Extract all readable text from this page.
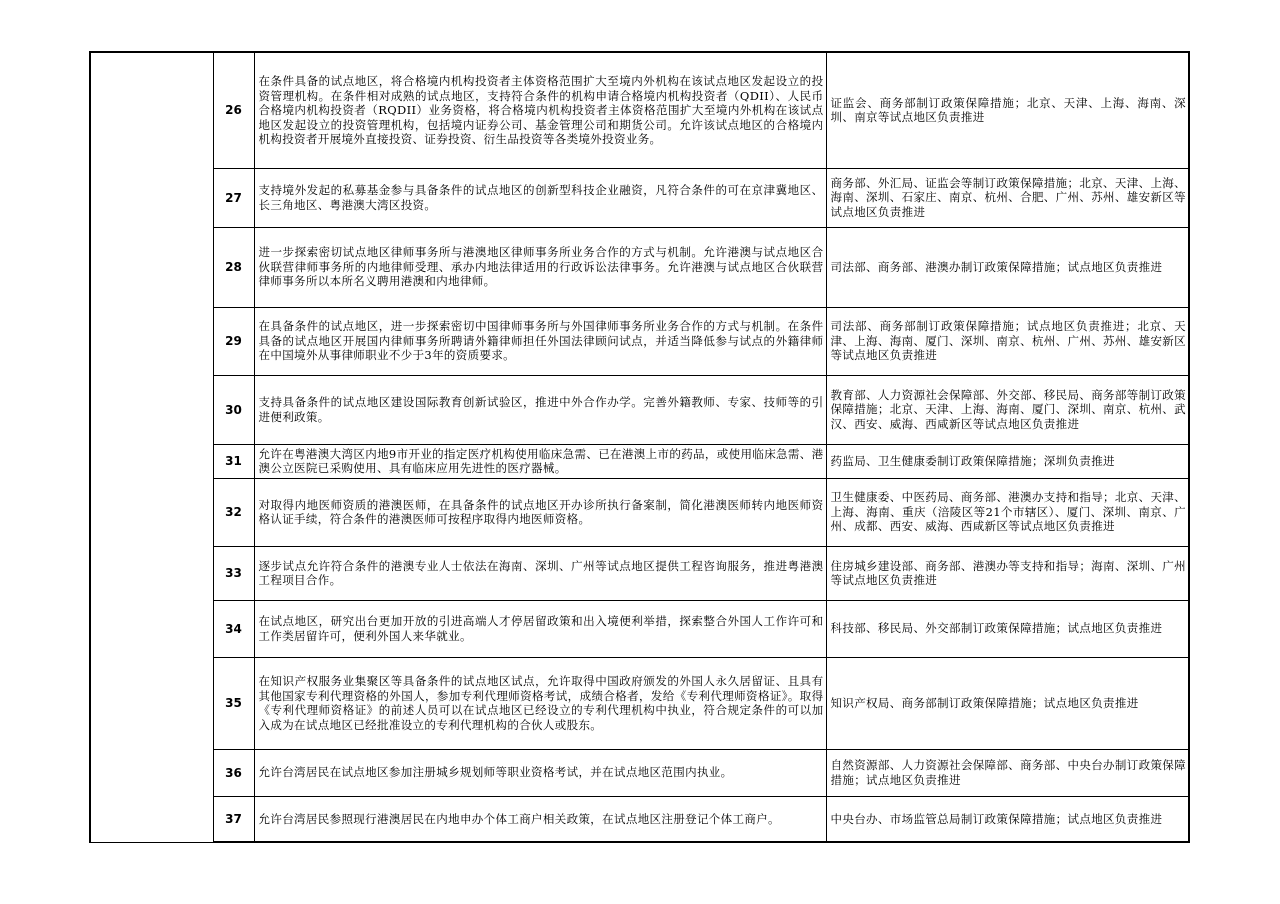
	26	在条件具备的试点地区，将合格境内机构投资者主体资格范围扩大至境内外机构在该试点地区发起设立的投资管理机构。在条件相对成熟的试点地区，支持符合条件的机构申请合格境内机构投资者（QDII）、人民币合格境内机构投资者（RQDII）业务资格，将合格境内机构投资者主体资格范围扩大至境内外机构在该试点地区发起设立的投资管理机构，包括境内证券公司、基金管理公司和期货公司。允许该试点地区的合格境内机构投资者开展境外直接投资、证券投资、衍生品投资等各类境外投资业务。	证监会、商务部制订政策保障措施；北京、天津、上海、海南、深圳、南京等试点地区负责推进
	27	支持境外发起的私募基金参与具备条件的试点地区的创新型科技企业融资，凡符合条件的可在京津冀地区、长三角地区、粤港澳大湾区投资。	商务部、外汇局、证监会等制订政策保障措施；北京、天津、上海、海南、深圳、石家庄、南京、杭州、合肥、广州、苏州、雄安新区等试点地区负责推进
	28	进一步探索密切试点地区律师事务所与港澳地区律师事务所业务合作的方式与机制。允许港澳与试点地区合伙联营律师事务所的内地律师受理、承办内地法律适用的行政诉讼法律事务。允许港澳与试点地区合伙联营律师事务所以本所名义聘用港澳和内地律师。	司法部、商务部、港澳办制订政策保障措施；试点地区负责推进
	29	在具备条件的试点地区，进一步探索密切中国律师事务所与外国律师事务所业务合作的方式与机制。在条件具备的试点地区开展国内律师事务所聘请外籍律师担任外国法律顾问试点，并适当降低参与试点的外籍律师在中国境外从事律师职业不少于3年的资质要求。	司法部、商务部制订政策保障措施；试点地区负责推进；北京、天津、上海、海南、厦门、深圳、南京、杭州、广州、苏州、雄安新区等试点地区负责推进
	30	支持具备条件的试点地区建设国际教育创新试验区，推进中外合作办学。完善外籍教师、专家、技师等的引进便利政策。	教育部、人力资源社会保障部、外交部、移民局、商务部等制订政策保障措施；北京、天津、上海、海南、厦门、深圳、南京、杭州、武汉、西安、威海、西咸新区等试点地区负责推进
	31	允许在粤港澳大湾区内地9市开业的指定医疗机构使用临床急需、已在港澳上市的药品，或使用临床急需、港澳公立医院已采购使用、具有临床应用先进性的医疗器械。	药监局、卫生健康委制订政策保障措施；深圳负责推进
	32	对取得内地医师资质的港澳医师，在具备条件的试点地区开办诊所执行备案制，简化港澳医师转内地医师资格认证手续，符合条件的港澳医师可按程序取得内地医师资格。	卫生健康委、中医药局、商务部、港澳办支持和指导；北京、天津、上海、海南、重庆（涪陵区等21个市辖区）、厦门、深圳、南京、广州、成都、西安、威海、西咸新区等试点地区负责推进
	33	逐步试点允许符合条件的港澳专业人士依法在海南、深圳、广州等试点地区提供工程咨询服务，推进粤港澳工程项目合作。	住房城乡建设部、商务部、港澳办等支持和指导；海南、深圳、广州等试点地区负责推进
	34	在试点地区，研究出台更加开放的引进高端人才停居留政策和出入境便利举措，探索整合外国人工作许可和工作类居留许可，便利外国人来华就业。	科技部、移民局、外交部制订政策保障措施；试点地区负责推进
	35	在知识产权服务业集聚区等具备条件的试点地区试点，允许取得中国政府颁发的外国人永久居留证、且具有其他国家专利代理资格的外国人，参加专利代理师资格考试，成绩合格者，发给《专利代理师资格证》。取得《专利代理师资格证》的前述人员可以在试点地区已经设立的专利代理机构中执业，符合规定条件的可以加入成为在试点地区已经批准设立的专利代理机构的合伙人或股东。	知识产权局、商务部制订政策保障措施；试点地区负责推进
	36	允许台湾居民在试点地区参加注册城乡规划师等职业资格考试，并在试点地区范围内执业。	自然资源部、人力资源社会保障部、商务部、中央台办制订政策保障措施；试点地区负责推进
	37	允许台湾居民参照现行港澳居民在内地申办个体工商户相关政策，在试点地区注册登记个体工商户。	中央台办、市场监管总局制订政策保障措施；试点地区负责推进
